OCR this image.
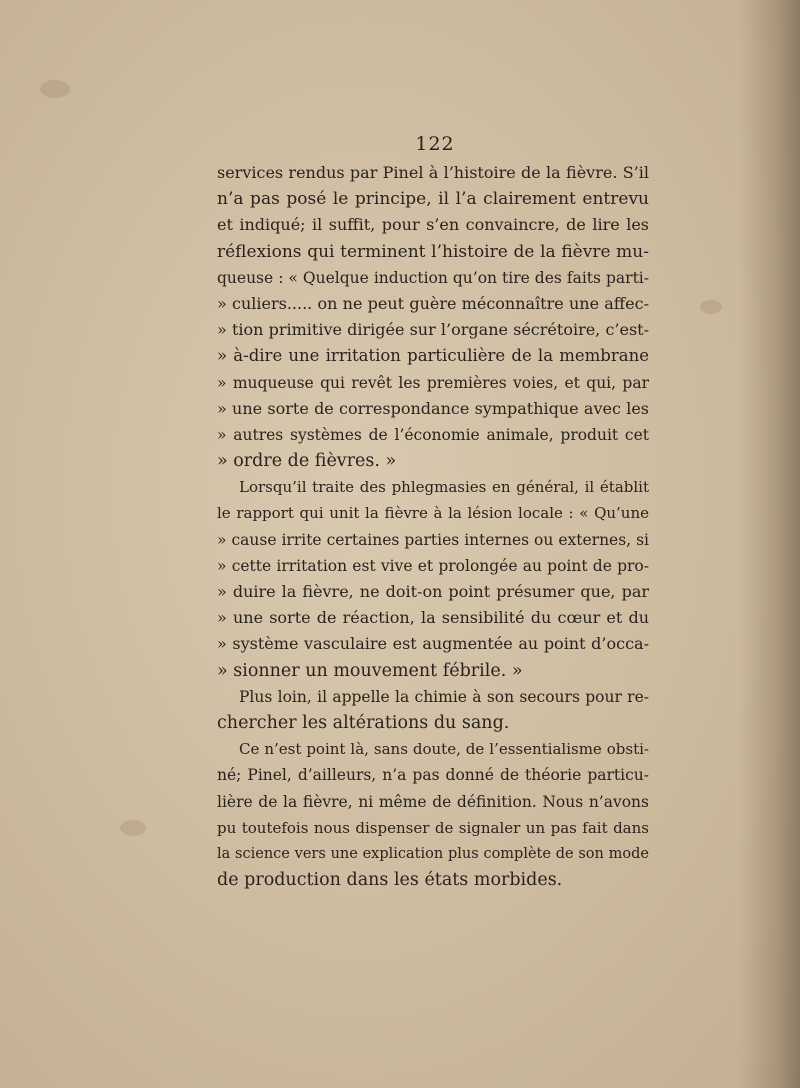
122
services rendus par Pinel à l’histoire de la fièvre. S’il
n’a pas posé le principe, il l’a clairement entrevu
et indiqué; il suffit, pour s’en convaincre, de lire les
réflexions qui terminent l’histoire de la fièvre mu-
queuse : « Quelque induction qu’on tire des faits parti-
» culiers..... on ne peut guère méconnaître une affec-
» tion primitive dirigée sur l’organe sécrétoire, c’est-
» à-dire une irritation particulière de la membrane
» muqueuse qui revêt les premières voies, et qui, par
» une sorte de correspondance sympathique avec les
» autres systèmes de l’économie animale, produit cet
» ordre de fièvres. »
Lorsqu’il traite des phlegmasies en général, il établit
le rapport qui unit la fièvre à la lésion locale : « Qu’une
» cause irrite certaines parties internes ou externes, si
» cette irritation est vive et prolongée au point de pro-
» duire la fièvre, ne doit-on point présumer que, par
» une sorte de réaction, la sensibilité du cœur et du
» système vasculaire est augmentée au point d’occa-
» sionner un mouvement fébrile. »
Plus loin, il appelle la chimie à son secours pour re-
chercher les altérations du sang.
Ce n’est point là, sans doute, de l’essentialisme obsti-
né; Pinel, d’ailleurs, n’a pas donné de théorie particu-
lière de la fièvre, ni même de définition. Nous n’avons
pu toutefois nous dispenser de signaler un pas fait dans
la science vers une explication plus complète de son mode
de production dans les états morbides.
